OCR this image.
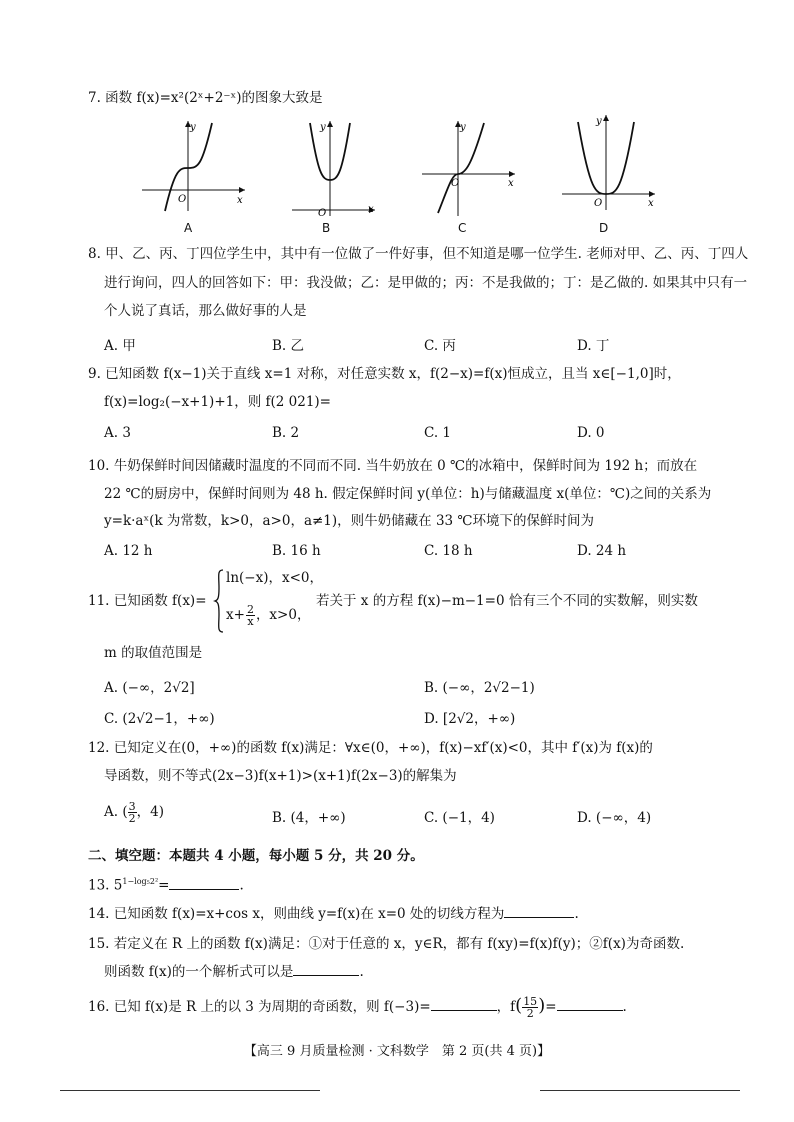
7. 函数 f(x)=x²(2ˣ+2⁻ˣ)的图象大致是
y
x
O
A
y
x
O
B
y
x
O
C
y
x
O
D
8. 甲、乙、丙、丁四位学生中，其中有一位做了一件好事，但不知道是哪一位学生. 老师对甲、乙、丙、丁四人
进行询问，四人的回答如下：甲：我没做；乙：是甲做的；丙：不是我做的；丁：是乙做的. 如果其中只有一
个人说了真话，那么做好事的人是
A. 甲	B. 乙	C. 丙	D. 丁
9. 已知函数 f(x−1)关于直线 x=1 对称，对任意实数 x，f(2−x)=f(x)恒成立，且当 x∈[−1,0]时，
f(x)=log₂(−x+1)+1，则 f(2 021)=
A. 3	B. 2	C. 1	D. 0
10. 牛奶保鲜时间因储藏时温度的不同而不同. 当牛奶放在 0 ℃的冰箱中，保鲜时间为 192 h；而放在
22 ℃的厨房中，保鲜时间则为 48 h. 假定保鲜时间 y(单位：h)与储藏温度 x(单位：℃)之间的关系为
y=k·aˣ(k 为常数，k>0，a>0，a≠1)，则牛奶储藏在 33 ℃环境下的保鲜时间为
A. 12 h	B. 16 h	C. 18 h	D. 24 h
11. 已知函数 f(x)=
ln(−x)，x<0，
$x+ \frac{2}{x}$ ，x>0，
若关于 x 的方程 f(x)−m−1=0 恰有三个不同的实数解，则实数
m 的取值范围是
A. (−∞，2√2]	B. (−∞，2√2−1)
C. (2√2−1，+∞)	D. [2√2，+∞)
12. 已知定义在(0，+∞)的函数 f(x)满足：∀x∈(0，+∞)，f(x)−xf′(x)<0，其中 f′(x)为 f(x)的
导函数，则不等式(2x−3)f(x+1)>(x+1)f(2x−3)的解集为
A. ( $\frac{3}{2}$ ，4)	B. (4，+∞)	C. (−1，4)	D. (−∞，4)
二、填空题：本题共 4 小题，每小题 5 分，共 20 分。
13. $5^{1-log_52^2}=$	.
14. 已知函数 f(x)=x+cos x，则曲线 y=f(x)在 x=0 处的切线方程为	.
15. 若定义在 R 上的函数 f(x)满足：①对于任意的 x，y∈R，都有 f(xy)=f(x)f(y)；②f(x)为奇函数.
则函数 f(x)的一个解析式可以是	.
16. 已知 f(x)是 R 上的以 3 为周期的奇函数，则 f(−3)=	，$f( \frac{15}{2}$ )=	.
【高三 9 月质量检测 · 文科数学　第 2 页(共 4 页)】
